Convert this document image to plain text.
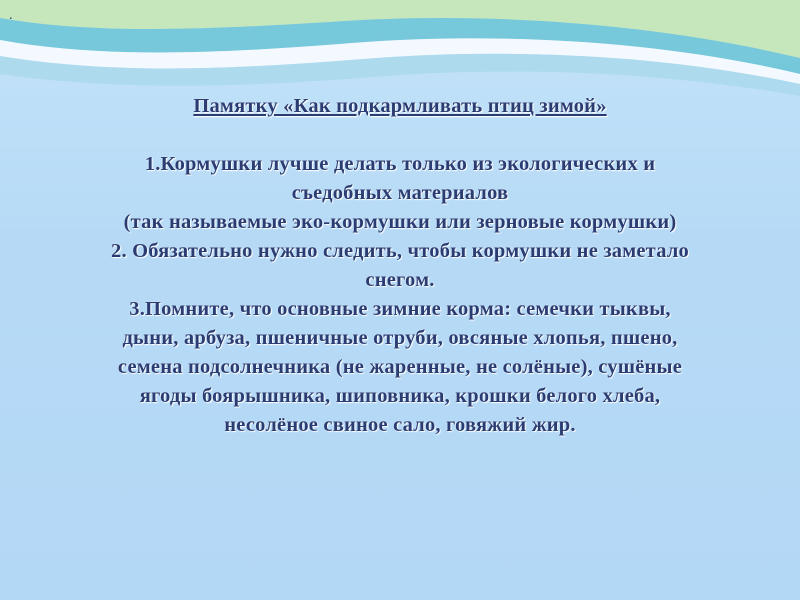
.
Памятку «Как подкармливать птиц зимой»
1.Кормушки лучше делать только из экологических и
съедобных материалов
(так называемые эко-кормушки или зерновые кормушки)
2. Обязательно нужно следить, чтобы кормушки не заметало
снегом.
3.Помните, что основные зимние корма: семечки тыквы,
дыни, арбуза, пшеничные отруби, овсяные хлопья, пшено,
семена подсолнечника (не жаренные, не солёные), сушёные
ягоды боярышника, шиповника, крошки белого хлеба,
несолёное свиное сало, говяжий жир.
